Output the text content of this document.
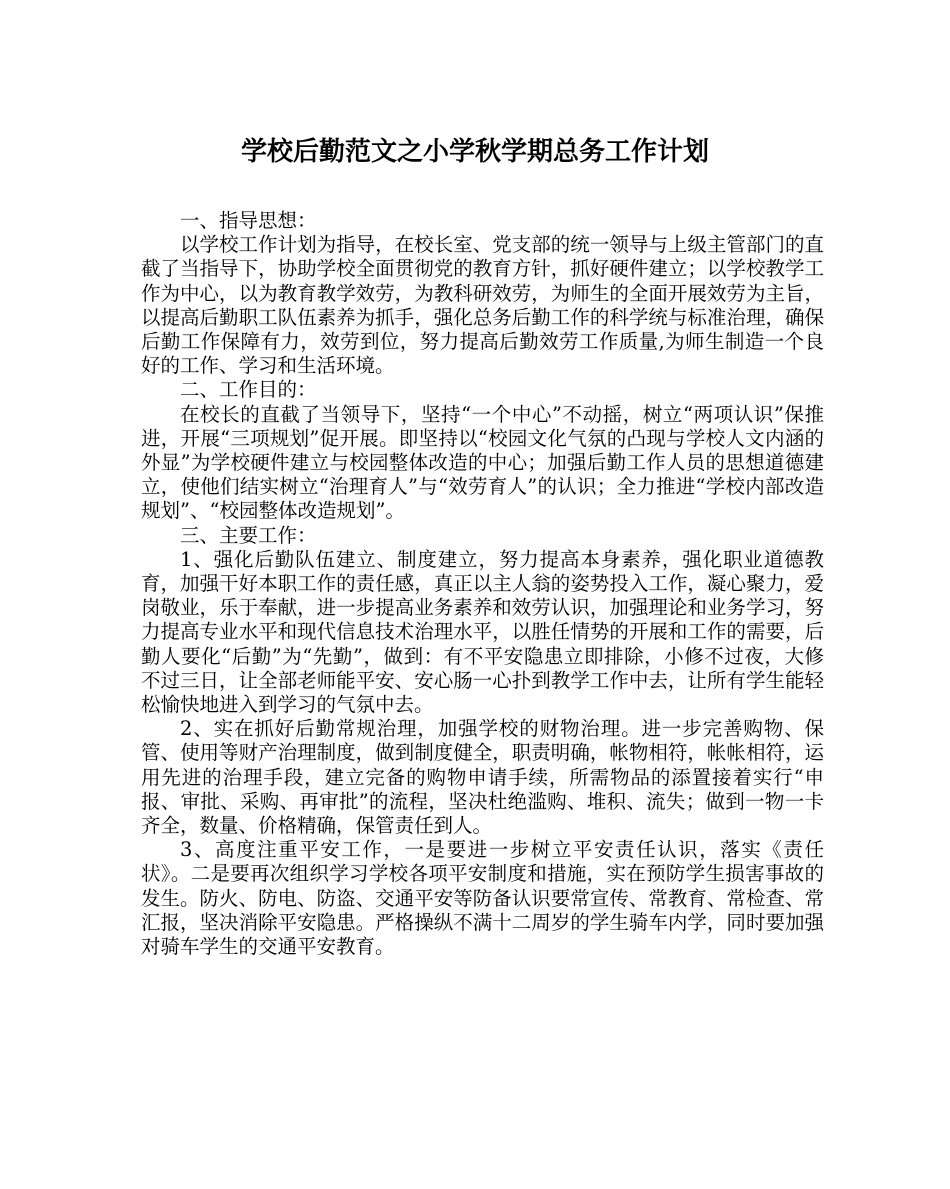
学校后勤范文之小学秋学期总务工作计划

一、指导思想：

以学校工作计划为指导，在校长室、党支部的统一领导与上级主管部门的直截了当指导下，协助学校全面贯彻党的教育方针，抓好硬件建立；以学校教学工作为中心，以为教育教学效劳，为教科研效劳，为师生的全面开展效劳为主旨，以提高后勤职工队伍素养为抓手，强化总务后勤工作的科学统与标准治理，确保后勤工作保障有力，效劳到位，努力提高后勤效劳工作质量,为师生制造一个良好的工作、学习和生活环境。

二、工作目的：

在校长的直截了当领导下，坚持“一个中心”不动摇，树立“两项认识”保推进，开展“三项规划”促开展。即坚持以“校园文化气氛的凸现与学校人文内涵的外显”为学校硬件建立与校园整体改造的中心；加强后勤工作人员的思想道德建立，使他们结实树立“治理育人”与“效劳育人”的认识；全力推进“学校内部改造规划”、“校园整体改造规划”。

三、主要工作：

1、强化后勤队伍建立、制度建立，努力提高本身素养，强化职业道德教育，加强干好本职工作的责任感，真正以主人翁的姿势投入工作，凝心聚力，爱岗敬业，乐于奉献，进一步提高业务素养和效劳认识，加强理论和业务学习，努力提高专业水平和现代信息技术治理水平，以胜任情势的开展和工作的需要，后勤人要化“后勤”为“先勤”，做到：有不平安隐患立即排除，小修不过夜，大修不过三日，让全部老师能平安、安心肠一心扑到教学工作中去，让所有学生能轻松愉快地进入到学习的气氛中去。

2、实在抓好后勤常规治理，加强学校的财物治理。进一步完善购物、保管、使用等财产治理制度，做到制度健全，职责明确，帐物相符，帐帐相符，运用先进的治理手段，建立完备的购物申请手续，所需物品的添置接着实行“申报、审批、采购、再审批”的流程，坚决杜绝滥购、堆积、流失；做到一物一卡齐全，数量、价格精确，保管责任到人。

3、高度注重平安工作，一是要进一步树立平安责任认识，落实《责任状》。二是要再次组织学习学校各项平安制度和措施，实在预防学生损害事故的发生。防火、防电、防盗、交通平安等防备认识要常宣传、常教育、常检查、常汇报，坚决消除平安隐患。严格操纵不满十二周岁的学生骑车内学，同时要加强对骑车学生的交通平安教育。
